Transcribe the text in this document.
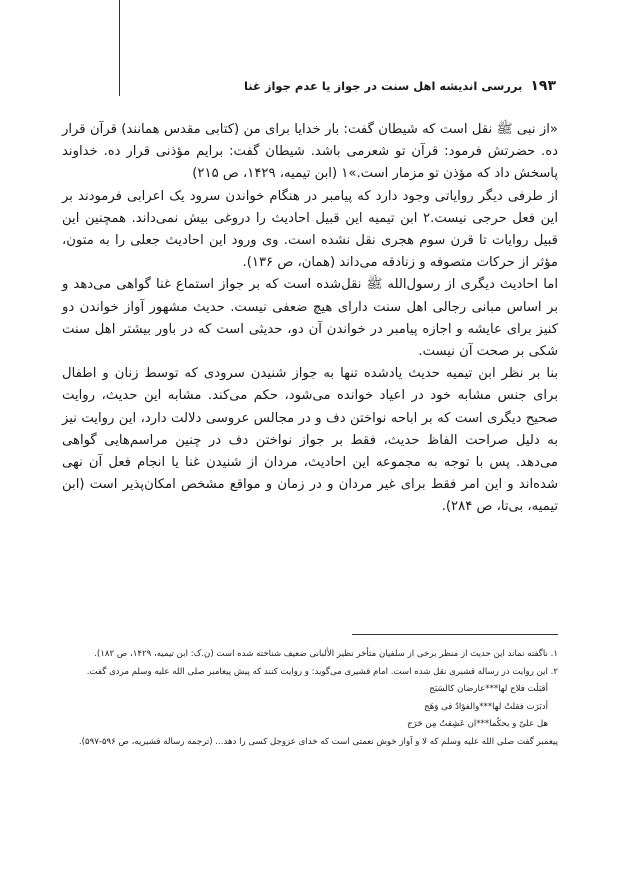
۱۹۳
بررسی اندیشه اهل سنت در جواز یا عدم جواز غنا

«از نبی ﷺ نقل است که شیطان گفت: بار خدایا برای من (کتابی مقدس همانند) قرآن قرار ده. حضرتش فرمود: قرآن تو شعرمی باشد. شیطان گفت: برایم مؤذنی قرار ده. خداوند پاسخش داد که مؤذن تو مزمار است.»۱ (ابن تیمیه، ۱۴۲۹، ص ۲۱۵)

از طرفی دیگر روایاتی وجود دارد که پیامبر در هنگام خواندن سرود یک اعرابی فرمودند بر این فعل حرجی نیست.۲ ابن تیمیه این قبیل احادیث را دروغی بیش نمی‌داند. همچنین این قبیل روایات تا قرن سوم هجری نقل نشده است. وی ورود این احادیث جعلی را به متون، مؤثر از حرکات متصوفه و زنادقه می‌داند (همان، ص ۱۳۶).

اما احادیث دیگری از رسول‌الله ﷺ نقل‌شده است که بر جواز استماع غنا گواهی می‌دهد و بر اساس مبانی رجالی اهل سنت دارای هیچ ضعفی نیست. حدیث مشهور آواز خواندن دو کنیز برای عایشه و اجازه پیامبر در خواندن آن دو، حدیثی است که در باور بیشتر اهل سنت شکی بر صحت آن نیست.

بنا بر نظر ابن تیمیه حدیث یادشده تنها به جواز شنیدن سرودی که توسط زنان و اطفال برای جنس مشابه خود در اعیاد خوانده می‌شود، حکم می‌کند. مشابه این حدیث، روایت صحیح دیگری است که بر اباحه نواختن دف و در مجالس عروسی دلالت دارد، این روایت نیز به دلیل صراحت الفاظ حدیث، فقط بر جواز نواختن دف در چنین مراسم‌هایی گواهی می‌دهد. پس با توجه به مجموعه این احادیث، مردان از شنیدن غنا یا انجام فعل آن نهی شده‌اند و این امر فقط برای غیر مردان و در زمان و مواقع مشخص امکان‌پذیر است (ابن تیمیه، بی‌تا، ص ۲۸۴).

۱. ناگفته نماند این حدیث از منظر برخی از سلفیان متأخر نظیر الألبانی ضعیف شناخته شده است (ن.ک: ابن تیمیه، ۱۴۲۹، ص ۱۸۲).

۲. این روایت در رساله قشیری نقل شده است. امام قشیری می‌گوید: و روایت کنند که پیش پیغامبر صلی الله علیه وسلم مردی گفت.

أقبَلَت فلاح لها***عارضان کالسَبَج

أدبَرَت فقلتُ لها***والفؤادُ فی وَهَج

هل علیّ و یحکُما***ان عَشِقتُ مِن حَرَج

پیغمبر گفت صلی الله علیه وسلم که لا و آواز خوش نعمتی است که خدای عزوجل کسی را دهد... (ترجمه رساله قشیریه، ص ۵۹۶-۵۹۷).
